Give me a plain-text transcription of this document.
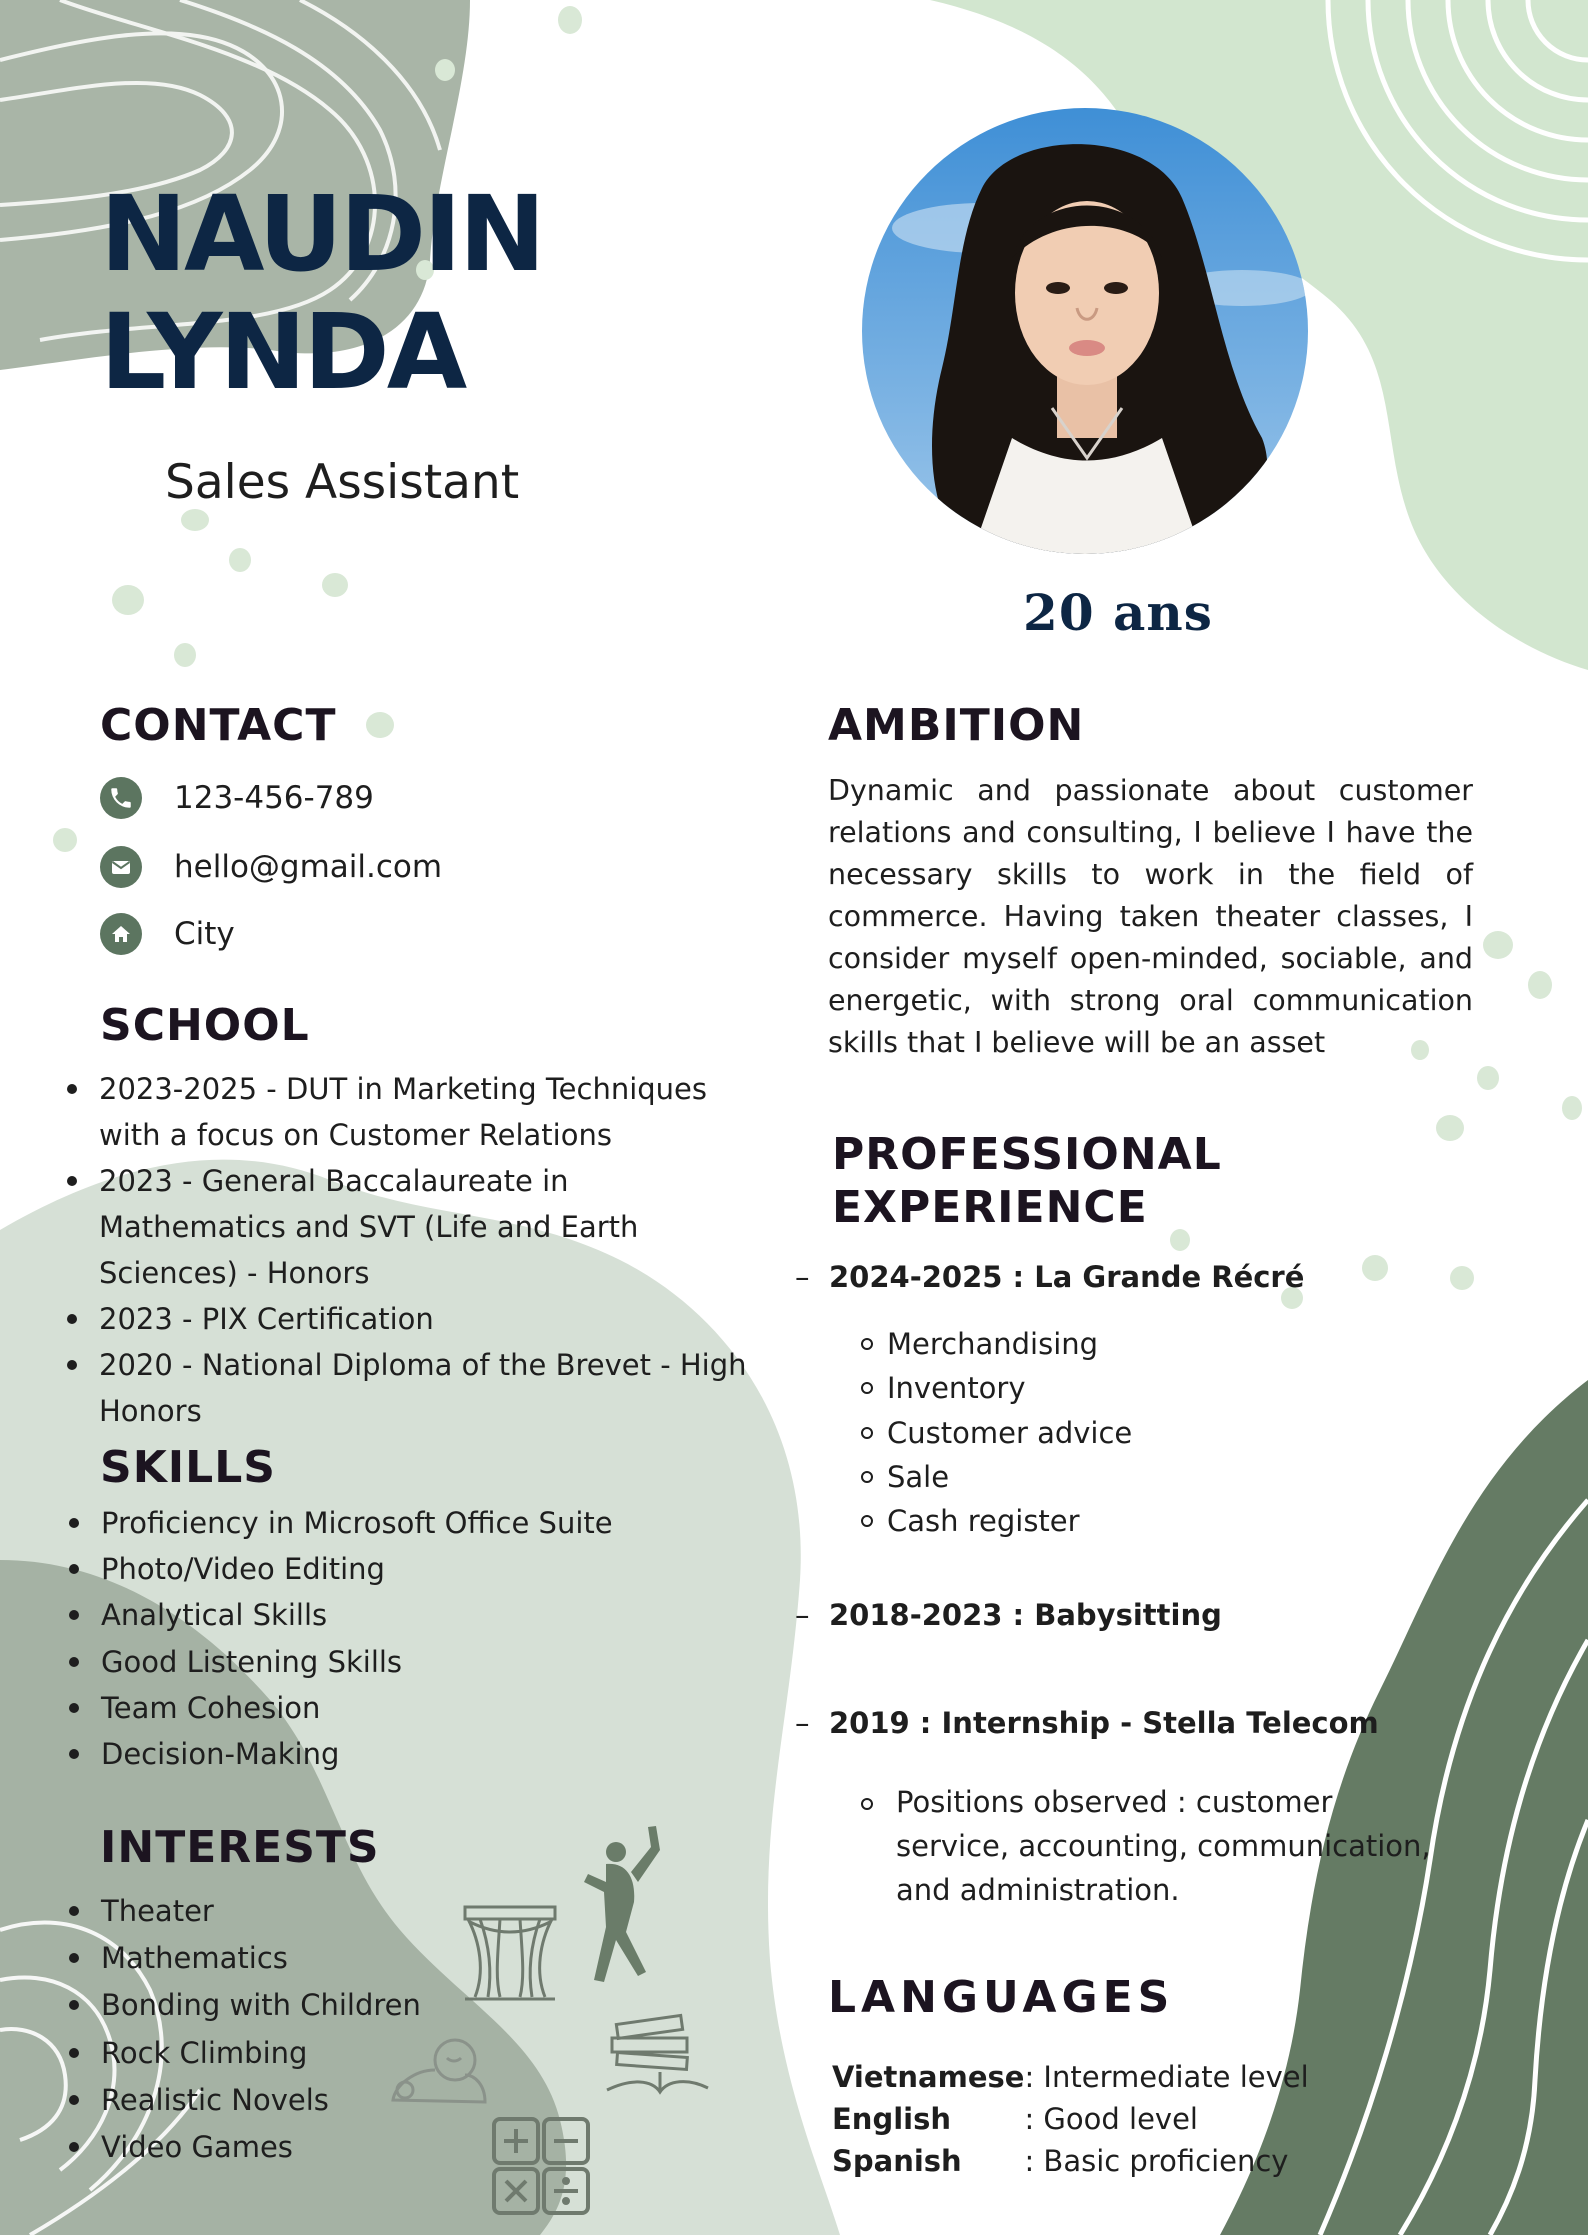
NAUDIN
LYNDA
Sales Assistant
20 ans
CONTACT
123-456-789
hello@gmail.com
City
SCHOOL
2023-2025 - DUT in Marketing Techniques with a focus on Customer Relations
2023 - General Baccalaureate in Mathematics and SVT (Life and Earth Sciences) - Honors
2023 - PIX Certification
2020 - National Diploma of the Brevet - High Honors
SKILLS
Proficiency in Microsoft Office Suite
Photo/Video Editing
Analytical Skills
Good Listening Skills
Team Cohesion
Decision-Making
INTERESTS
Theater
Mathematics
Bonding with Children
Rock Climbing
Realistic Novels
Video Games
AMBITION

Dynamic and passionate about customer relations and consulting, I believe I have the necessary skills to work in the field of commerce. Having taken theater classes, I consider myself open-minded, sociable, and energetic, with strong oral communication skills that I believe will be an asset

PROFESSIONAL
EXPERIENCE
– 2024-2025 : La Grande Récré
Merchandising
Inventory
Customer advice
Sale
Cash register
– 2018-2023 : Babysitting
– 2019 : Internship - Stella Telecom
Positions observed : customer service, accounting, communication, and administration.
LANGUAGES
Vietnamese	: Intermediate level
English	: Good level
Spanish	: Basic proficiency
